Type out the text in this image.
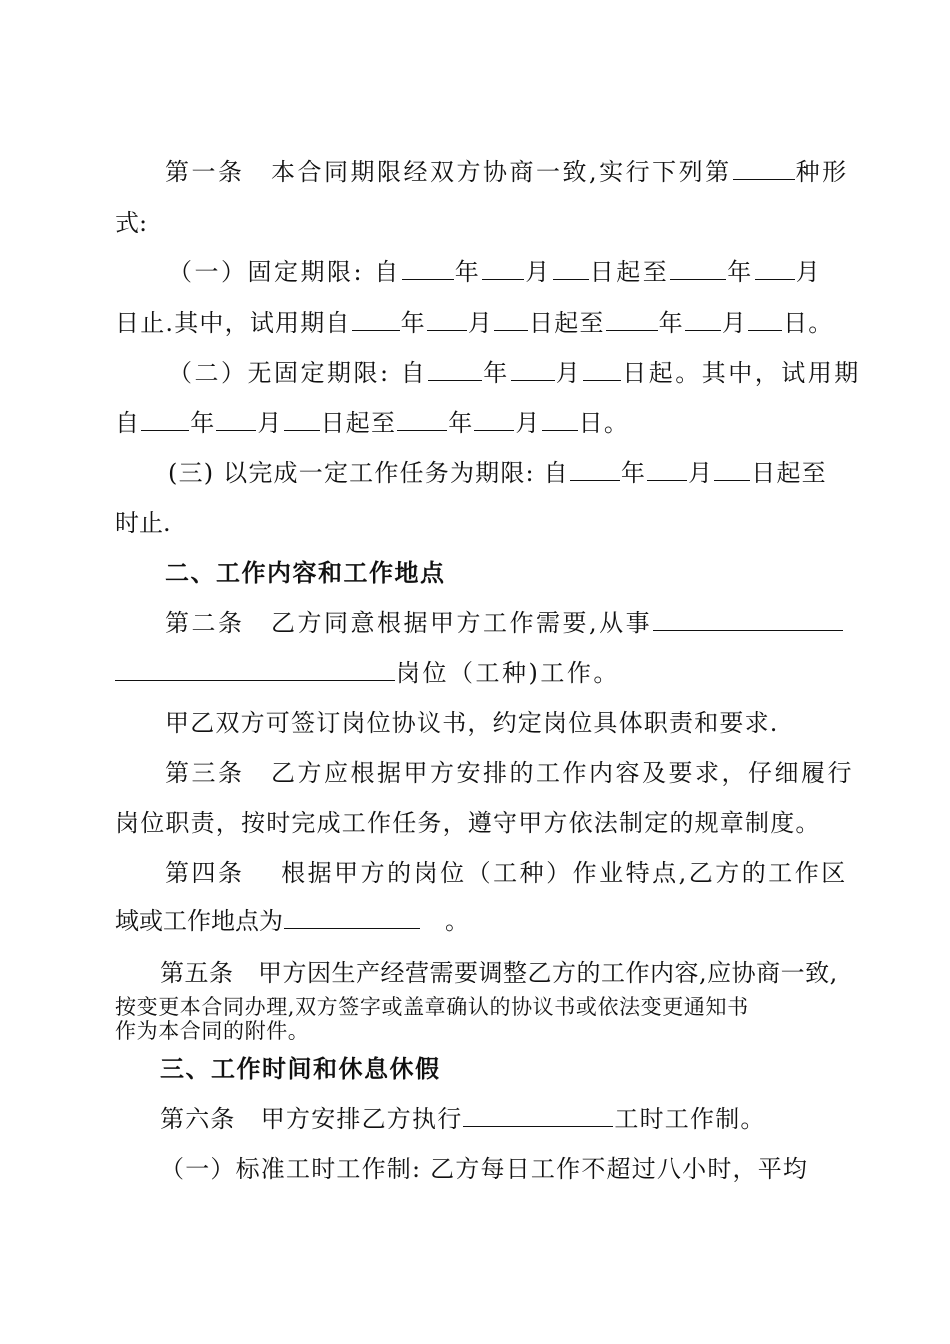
第一条　本合同期限经双方协商一致,实行下列第	种形
式:
（一）固定期限: 自 年 月 日起至 年 月
日止.其中，试用期自 年 月 日起至 年 月 日。
（二）无固定期限: 自 年 月 日起。其中，试用期
自 年 月 日起至 年 月 日。
(三) 以完成一定工作任务为期限: 自 年 月 日起至
时止.
二、工作内容和工作地点
第二条　乙方同意根据甲方工作需要,从事
岗位（工种)工作。
甲乙双方可签订岗位协议书，约定岗位具体职责和要求.
第三条　乙方应根据甲方安排的工作内容及要求，仔细履行
岗位职责，按时完成工作任务，遵守甲方依法制定的规章制度。
第四条　 根据甲方的岗位（工种）作业特点,乙方的工作区
域或工作地点为　	。
第五条　甲方因生产经营需要调整乙方的工作内容,应协商一致,
按变更本合同办理,双方签字或盖章确认的协议书或依法变更通知书
作为本合同的附件。
三、工作时间和休息休假
第六条　甲方安排乙方执行	工时工作制。
（一）标准工时工作制: 乙方每日工作不超过八小时，平均
